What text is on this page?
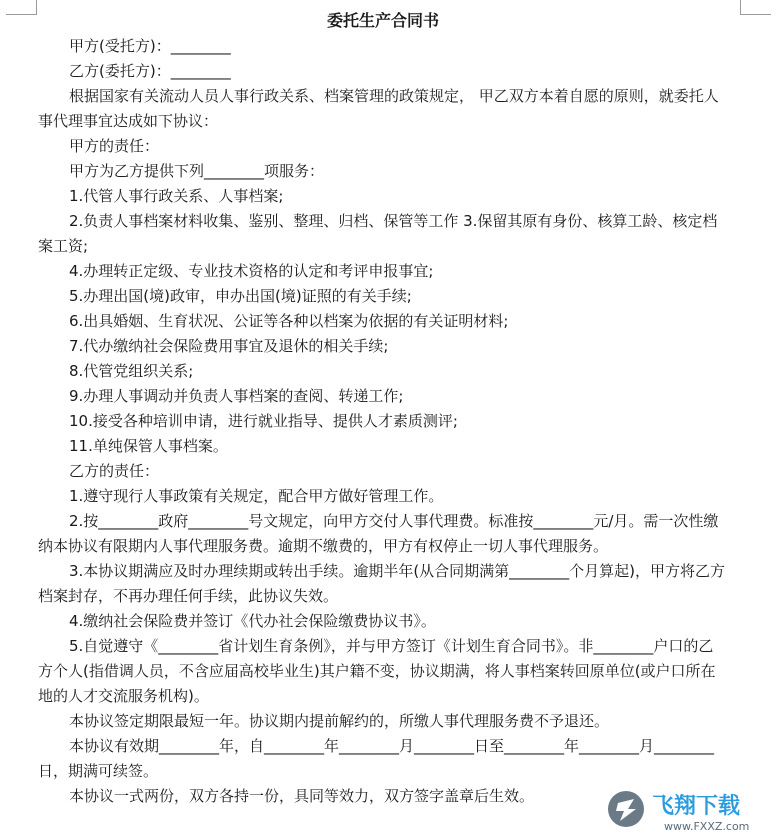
委托生产合同书

甲方(受托方)：________

乙方(委托方)：________

根据国家有关流动人员人事行政关系、档案管理的政策规定， 甲乙双方本着自愿的原则，就委托人事代理事宜达成如下协议：

甲方的责任：

甲方为乙方提供下列________项服务：

1.代管人事行政关系、人事档案;

2.负责人事档案材料收集、鉴别、整理、归档、保管等工作 3.保留其原有身份、核算工龄、核定档案工资;

4.办理转正定级、专业技术资格的认定和考评申报事宜;

5.办理出国(境)政审，申办出国(境)证照的有关手续;

6.出具婚姻、生育状况、公证等各种以档案为依据的有关证明材料;

7.代办缴纳社会保险费用事宜及退休的相关手续;

8.代管党组织关系;

9.办理人事调动并负责人事档案的查阅、转递工作;

10.接受各种培训申请，进行就业指导、提供人才素质测评;

11.单纯保管人事档案。

乙方的责任：

1.遵守现行人事政策有关规定，配合甲方做好管理工作。

2.按________政府________号文规定，向甲方交付人事代理费。标准按________元/月。需一次性缴纳本协议有限期内人事代理服务费。逾期不缴费的，甲方有权停止一切人事代理服务。

3.本协议期满应及时办理续期或转出手续。逾期半年(从合同期满第________个月算起)，甲方将乙方档案封存，不再办理任何手续，此协议失效。

4.缴纳社会保险费并签订《代办社会保险缴费协议书》。

5.自觉遵守《________省计划生育条例》，并与甲方签订《计划生育合同书》。非________户口的乙方个人(指借调人员，不含应届高校毕业生)其户籍不变，协议期满，将人事档案转回原单位(或户口所在地的人才交流服务机构)。

本协议签定期限最短一年。协议期内提前解约的，所缴人事代理服务费不予退还。

本协议有效期________年，自________年________月________日至________年________月________日，期满可续签。

本协议一式两份，双方各持一份，具同等效力，双方签字盖章后生效。	飞翔下载
www.FXXZ.com
